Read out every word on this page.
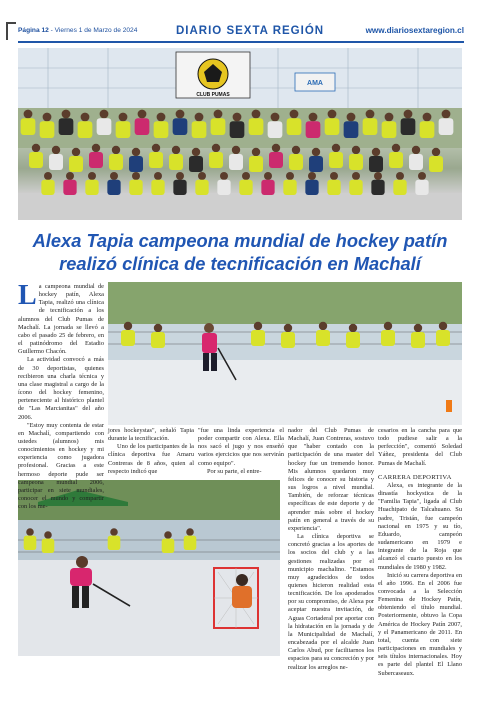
Página 12 - Viernes 1 de Marzo de 2024	DIARIO SEXTA REGIÓN	www.diariosextaregion.cl
CLUB PUMAS
AMA
Alexa Tapia campeona mundial de hockey patín realizó clínica de tecnificación en Machalí
L a campeona mundial de hockey patín, Alexa Tapia, realizó una clínica de tecnificación a los alumnos del Club Pumas de Machalí. La jornada se llevó a cabo el pasado 25 de febrero, en el patinódromo del Estadio Guillermo Chacón.

La actividad convocó a más de 30 deportistas, quienes recibieron una charla técnica y una clase magistral a cargo de la ícono del hockey femenino, perteneciente al histórico plantel de "Las Marcianitas" del año 2006.

"Estoy muy contenta de estar en Machalí, compartiendo con ustedes (alumnos) mis conocimientos en hockey y mi experiencia como jugadora profesional. Gracias a este hermoso deporte pude ser campeona mundial 2006, participar en siete mundiales, conocer el mundo y compartir con los me-

jores hockeystas", señaló Tapia durante la tecnificación.

Uno de los participantes de la clínica deportiva fue Amaru Contreras de 8 años, quien al respecto indicó que

"fue una linda experiencia el poder compartir con Alexa. Ella nos sacó el jugo y nos enseñó varios ejercicios que nos servirán como equipo".

Por su parte, el entre-

nador del Club Pumas de Machalí, Juan Contreras, sostuvo que "haber contado con la participación de una master del hockey fue un tremendo honor. Mis alumnos quedaron muy felices de conocer su historia y sus logros a nivel mundial. También, de reforzar técnicas específicas de este deporte y de aprender más sobre el hockey patín en general a través de su experiencia".

La clínica deportiva se concretó gracias a los aportes de los socios del club y a las gestiones realizadas por el municipio machalino. "Estamos muy agradecidos de todos quienes hicieron realidad esta tecnificación. De los apoderados por su compromiso, de Alexa por aceptar nuestra invitación, de Aguas Cortaderal por aportar con la hidratación en la jornada y de la Municipalidad de Machalí, encabezada por el alcalde Juan Carlos Abud, por facilitarnos los espacios para su concreción y por realizar los arreglos ne-

cesarios en la cancha para que todo pudiese salir a la perfección", comentó Soledad Yáñez, presidenta del Club Pumas de Machalí.

CARRERA DEPORTIVA

Alexa, es integrante de la dinastía hockystica de la "Familia Tapia", ligada al Club Huachipato de Talcahuano. Su padre, Tristán, fue campeón nacional en 1975 y su tío, Eduardo, campeón sudamericano en 1979 e integrante de la Roja que alcanzó el cuarto puesto en los mundiales de 1980 y 1982.

Inició su carrera deportiva en el año 1996. En el 2006 fue convocada a la Selección Femenina de Hockey Patín, obteniendo el título mundial. Posteriormente, obtuvo la Copa América de Hockey Patín 2007, y el Panamericano de 2011. En total, cuenta con siete participaciones en mundiales y seis títulos internacionales. Hoy es parte del plantel El Llano Subercaseaux.
